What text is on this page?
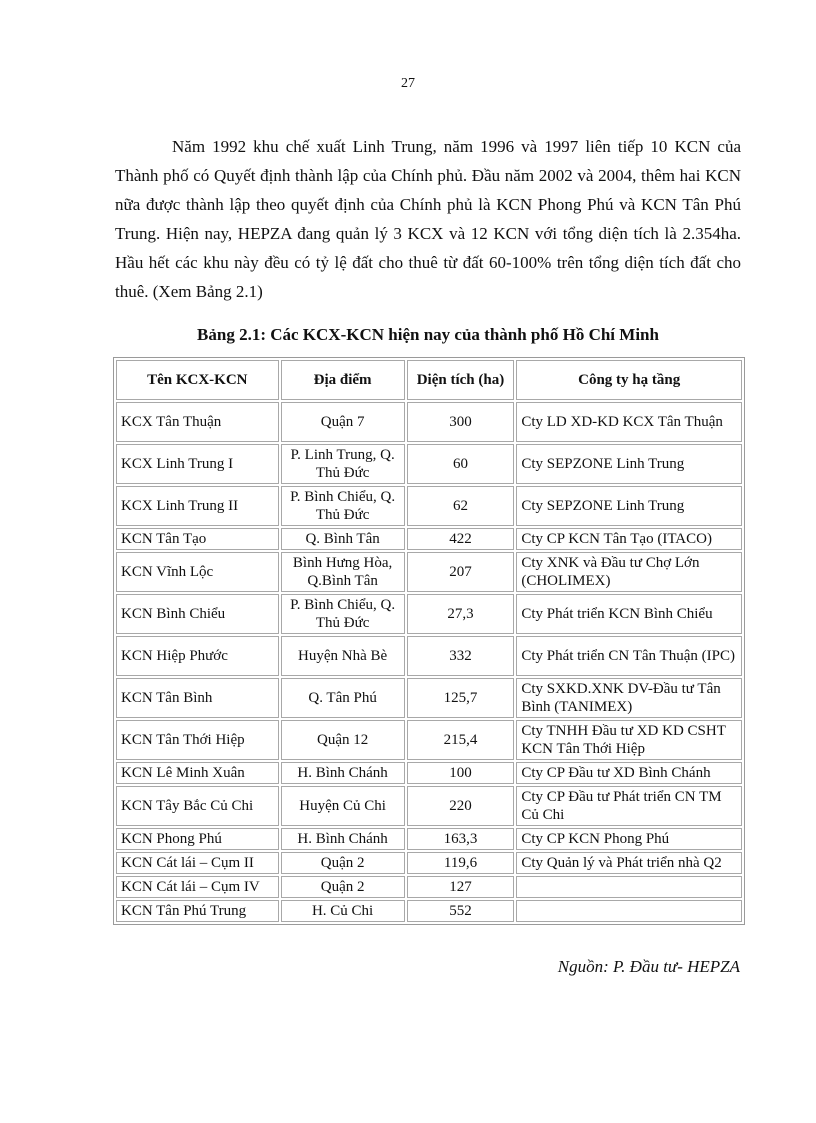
27

Năm 1992 khu chế xuất Linh Trung, năm 1996 và 1997 liên tiếp 10 KCN của Thành phố có Quyết định thành lập của Chính phủ. Đầu năm 2002 và 2004, thêm hai KCN nữa được thành lập theo quyết định của Chính phủ là KCN Phong Phú và KCN Tân Phú Trung. Hiện nay, HEPZA đang quản lý 3 KCX và 12 KCN với tổng diện tích là 2.354ha. Hầu hết các khu này đều có tỷ lệ đất cho thuê từ đất 60-100% trên tổng diện tích đất cho thuê. (Xem Bảng 2.1)

Bảng 2.1: Các KCX-KCN hiện nay của thành phố Hồ Chí Minh

Tên KCX-KCN	Địa điểm	Diện tích (ha)	Công ty hạ tầng
KCX Tân Thuận	Quận 7	300	Cty LD XD-KD KCX Tân Thuận
KCX Linh Trung I	P. Linh Trung, Q. Thủ Đức	60	Cty SEPZONE Linh Trung
KCX Linh Trung II	P. Bình Chiểu, Q. Thủ Đức	62	Cty SEPZONE Linh Trung
KCN Tân Tạo	Q. Bình Tân	422	Cty CP KCN Tân Tạo (ITACO)
KCN Vĩnh Lộc	Bình Hưng Hòa, Q.Bình Tân	207	Cty XNK và Đầu tư Chợ Lớn (CHOLIMEX)
KCN Bình Chiểu	P. Bình Chiểu, Q. Thủ Đức	27,3	Cty Phát triển KCN Bình Chiểu
KCN Hiệp Phước	Huyện Nhà Bè	332	Cty Phát triển CN Tân Thuận (IPC)
KCN Tân Bình	Q. Tân Phú	125,7	Cty SXKD.XNK DV-Đầu tư Tân Bình (TANIMEX)
KCN Tân Thới Hiệp	Quận 12	215,4	Cty TNHH Đầu tư XD KD CSHT KCN Tân Thới Hiệp
KCN Lê Minh Xuân	H. Bình Chánh	100	Cty CP Đầu tư XD Bình Chánh
KCN Tây Bắc Củ Chi	Huyện Củ Chi	220	Cty CP Đầu tư Phát triển CN TM Củ Chi
KCN Phong Phú	H. Bình Chánh	163,3	Cty CP KCN Phong Phú
KCN Cát lái – Cụm II	Quận 2	119,6	Cty Quản lý và Phát triển nhà Q2
KCN Cát lái – Cụm IV	Quận 2	127	
KCN Tân Phú Trung	H. Củ Chi	552	
Nguồn: P. Đầu tư- HEPZA
